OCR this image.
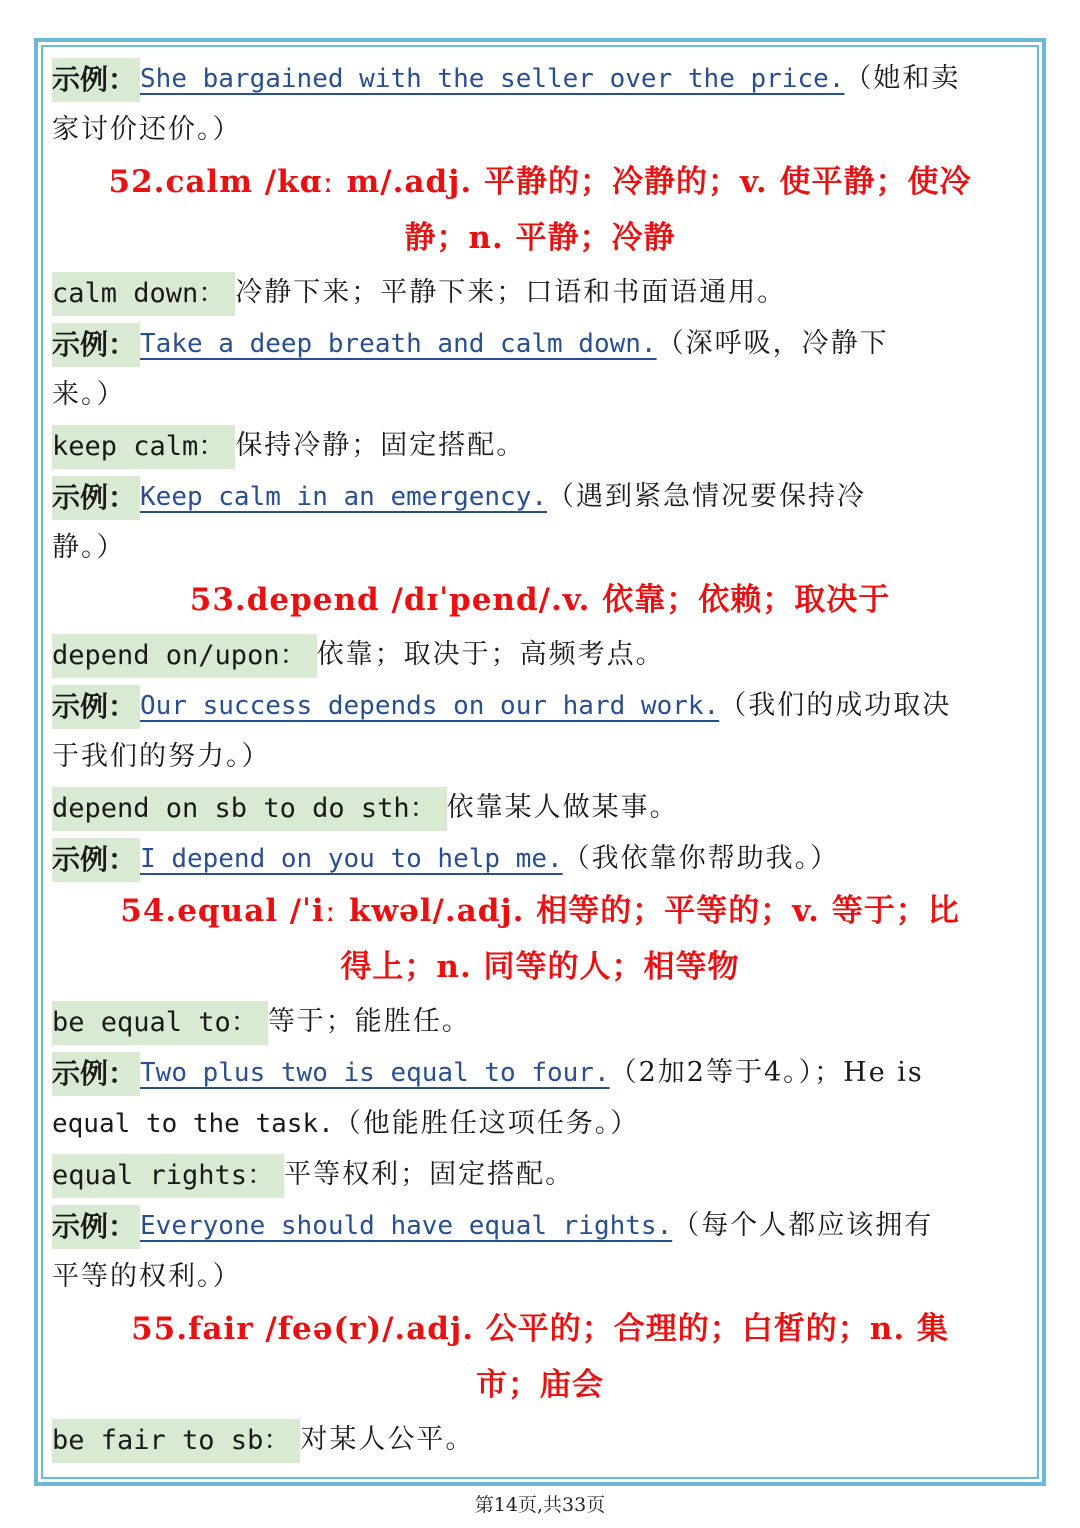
示例： She bargained with the seller over the price.（她和卖
家讨价还价。）
52.calm /kɑː m/.adj. 平静的；冷静的；v. 使平静；使冷
静；n. 平静；冷静
calm down： 冷静下来；平静下来；口语和书面语通用。
示例： Take a deep breath and calm down.（深呼吸，冷静下
来。）
keep calm： 保持冷静；固定搭配。
示例： Keep calm in an emergency.（遇到紧急情况要保持冷
静。）
53.depend /dɪˈpend/.v. 依靠；依赖；取决于
depend on/upon： 依靠；取决于；高频考点。
示例： Our success depends on our hard work.（我们的成功取决
于我们的努力。）
depend on sb to do sth： 依靠某人做某事。
示例： I depend on you to help me.（我依靠你帮助我。）
54.equal /ˈiː kwəl/.adj. 相等的；平等的；v. 等于；比
得上；n. 同等的人；相等物
be equal to： 等于；能胜任。
示例： Two plus two is equal to four.（2加2等于4。）；He is
equal to the task.（他能胜任这项任务。）
equal rights： 平等权利；固定搭配。
示例： Everyone should have equal rights.（每个人都应该拥有
平等的权利。）
55.fair /feə(r)/.adj. 公平的；合理的；白皙的；n. 集
市；庙会
be fair to sb： 对某人公平。
第14页,共33页
